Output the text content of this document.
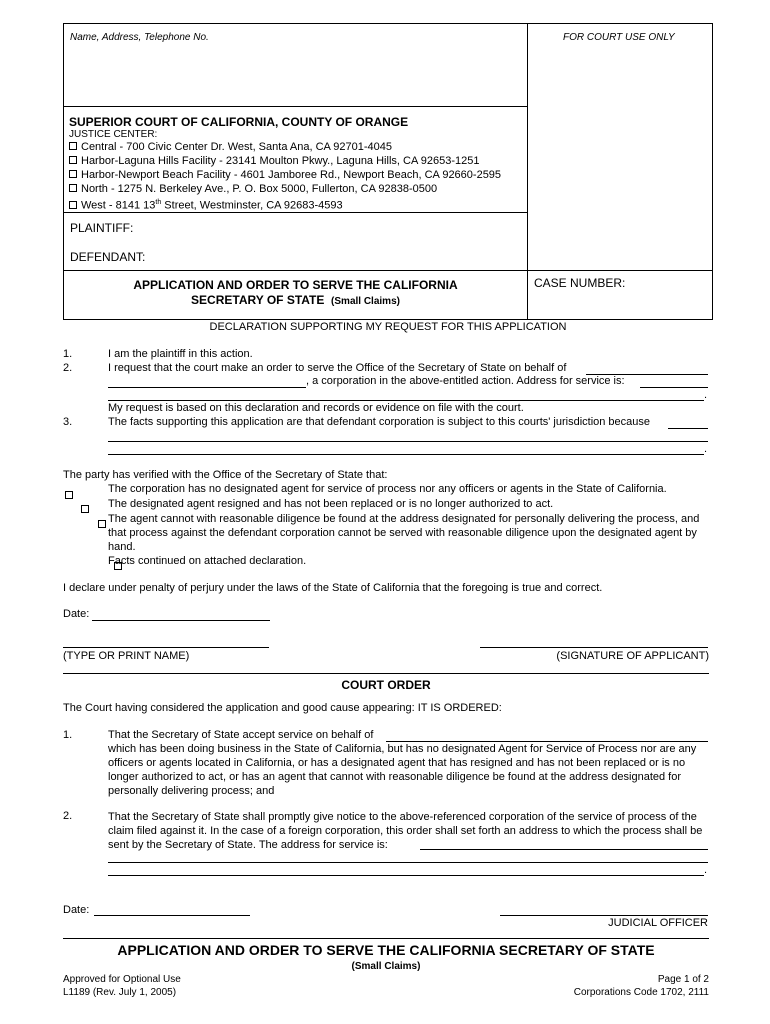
Name, Address, Telephone No.	FOR COURT USE ONLY
SUPERIOR COURT OF CALIFORNIA, COUNTY OF ORANGE
JUSTICE CENTER:
Central - 700 Civic Center Dr. West, Santa Ana, CA 92701-4045
Harbor-Laguna Hills Facility - 23141 Moulton Pkwy., Laguna Hills, CA 92653-1251
Harbor-Newport Beach Facility - 4601 Jamboree Rd., Newport Beach, CA 92660-2595
North - 1275 N. Berkeley Ave., P. O. Box 5000, Fullerton, CA 92838-0500
West - 8141 13th Street, Westminster, CA 92683-4593
PLAINTIFF:
DEFENDANT:
APPLICATION AND ORDER TO SERVE THE CALIFORNIA
SECRETARY OF STATE (Small Claims)
CASE NUMBER:
DECLARATION SUPPORTING MY REQUEST FOR THIS APPLICATION
1.	I am the plaintiff in this action.
2.	I request that the court make an order to serve the Office of the Secretary of State on behalf of
, a corporation in the above-entitled action. Address for service is:
.
My request is based on this declaration and records or evidence on file with the court.
3.	The facts supporting this application are that defendant corporation is subject to this courts' jurisdiction because
.
The party has verified with the Office of the Secretary of State that:

The corporation has no designated agent for service of process nor any officers or agents in the State of California.

The designated agent resigned and has not been replaced or is no longer authorized to act.

The agent cannot with reasonable diligence be found at the address designated for personally delivering the process, and that process against the defendant corporation cannot be served with reasonable diligence upon the designated agent by hand.
Facts continued on attached declaration.
I declare under penalty of perjury under the laws of the State of California that the foregoing is true and correct.
Date:
(TYPE OR PRINT NAME)	(SIGNATURE OF APPLICANT)
COURT ORDER
The Court having considered the application and good cause appearing: IT IS ORDERED:
1.	That the Secretary of State accept service on behalf of
which has been doing business in the State of California, but has no designated Agent for Service of Process nor are any officers or agents located in California, or has a designated agent that has resigned and has not been replaced or is no longer authorized to act, or has an agent that cannot with reasonable diligence be found at the address designated for personally delivering process; and
2.	That the Secretary of State shall promptly give notice to the above-referenced corporation of the service of process of the claim filed against it. In the case of a foreign corporation, this order shall set forth an address to which the process shall be sent by the Secretary of State. The address for service is:
.
Date:
JUDICIAL OFFICER
APPLICATION AND ORDER TO SERVE THE CALIFORNIA SECRETARY OF STATE
(Small Claims)
Approved for Optional Use
L1189 (Rev. July 1, 2005)
Page 1 of 2
Corporations Code 1702, 2111
